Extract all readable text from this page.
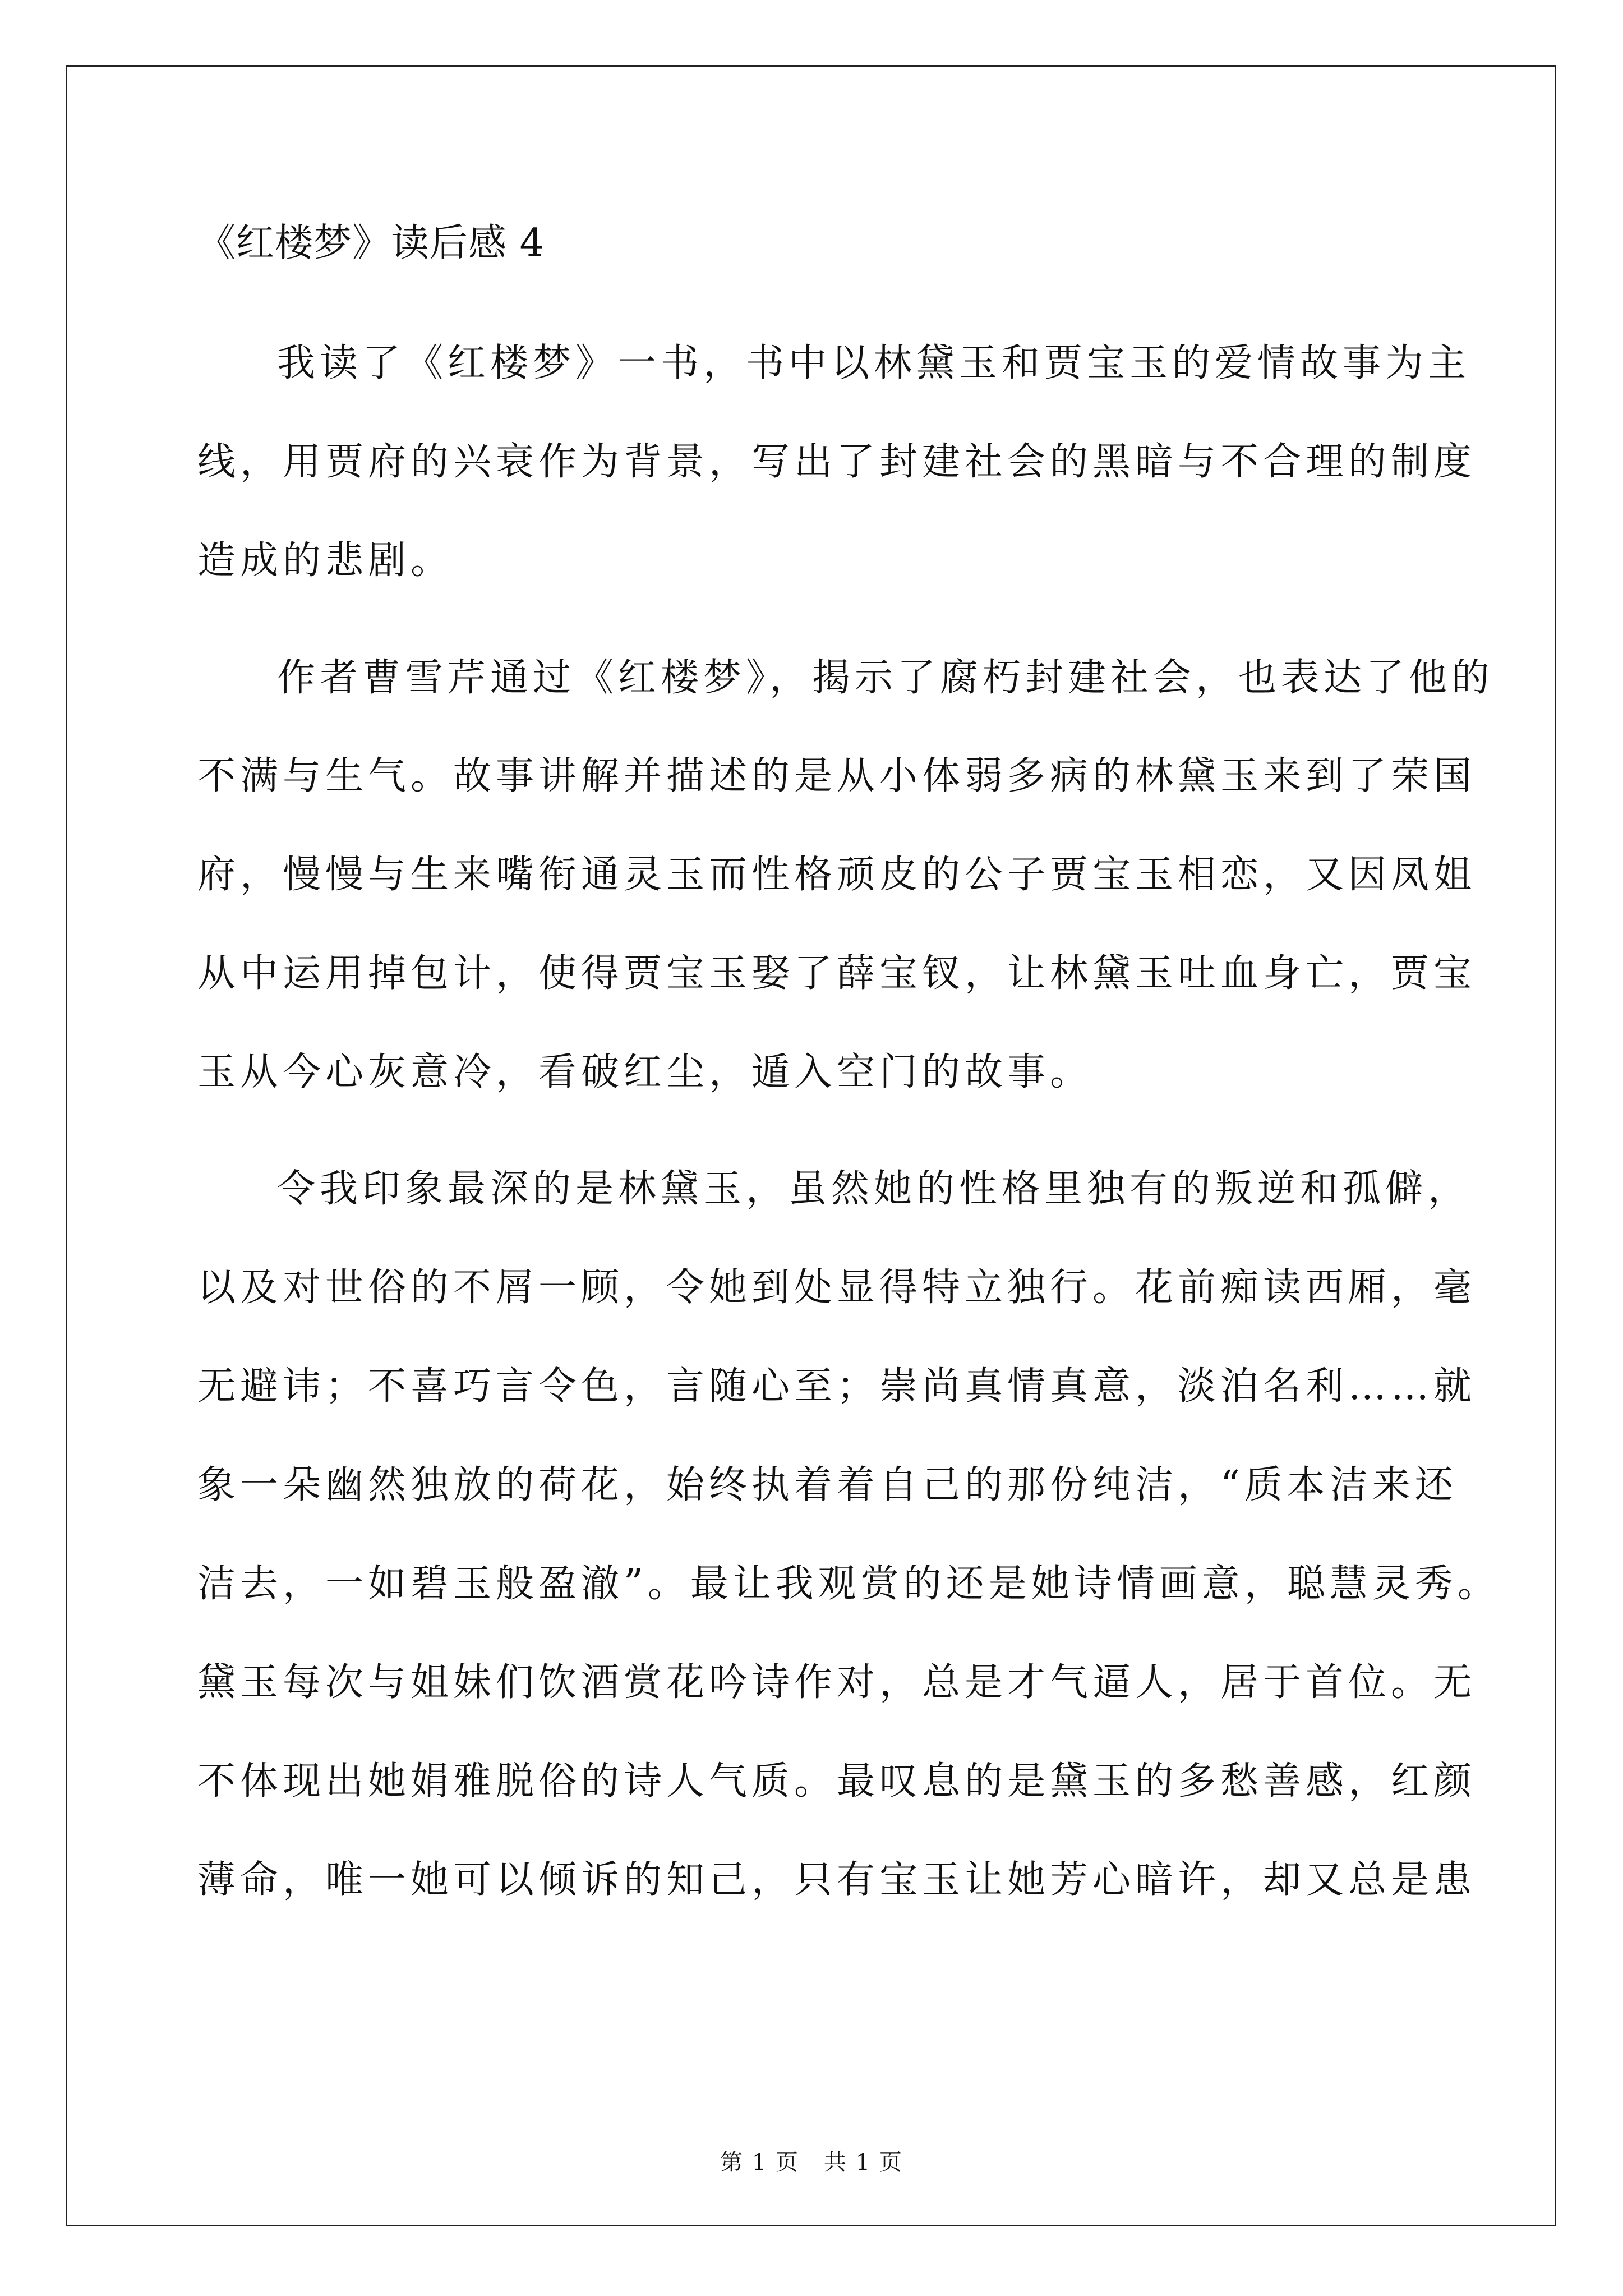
《红楼梦》读后感 4
我读了《红楼梦》一书，书中以林黛玉和贾宝玉的爱情故事为主
线，用贾府的兴衰作为背景，写出了封建社会的黑暗与不合理的制度
造成的悲剧。
作者曹雪芹通过《红楼梦》，揭示了腐朽封建社会，也表达了他的
不满与生气。故事讲解并描述的是从小体弱多病的林黛玉来到了荣国
府，慢慢与生来嘴衔通灵玉而性格顽皮的公子贾宝玉相恋，又因凤姐
从中运用掉包计，使得贾宝玉娶了薛宝钗，让林黛玉吐血身亡，贾宝
玉从今心灰意冷，看破红尘，遁入空门的故事。
令我印象最深的是林黛玉，虽然她的性格里独有的叛逆和孤僻，
以及对世俗的不屑一顾，令她到处显得特立独行。花前痴读西厢，毫
无避讳；不喜巧言令色，言随心至；崇尚真情真意，淡泊名利……就
象一朵幽然独放的荷花，始终执着着自己的那份纯洁，“质本洁来还
洁去，一如碧玉般盈澈”。最让我观赏的还是她诗情画意，聪慧灵秀。
黛玉每次与姐妹们饮酒赏花吟诗作对，总是才气逼人，居于首位。无
不体现出她娟雅脱俗的诗人气质。最叹息的是黛玉的多愁善感，红颜
薄命，唯一她可以倾诉的知己，只有宝玉让她芳心暗许，却又总是患
第 1 页 共 1 页
